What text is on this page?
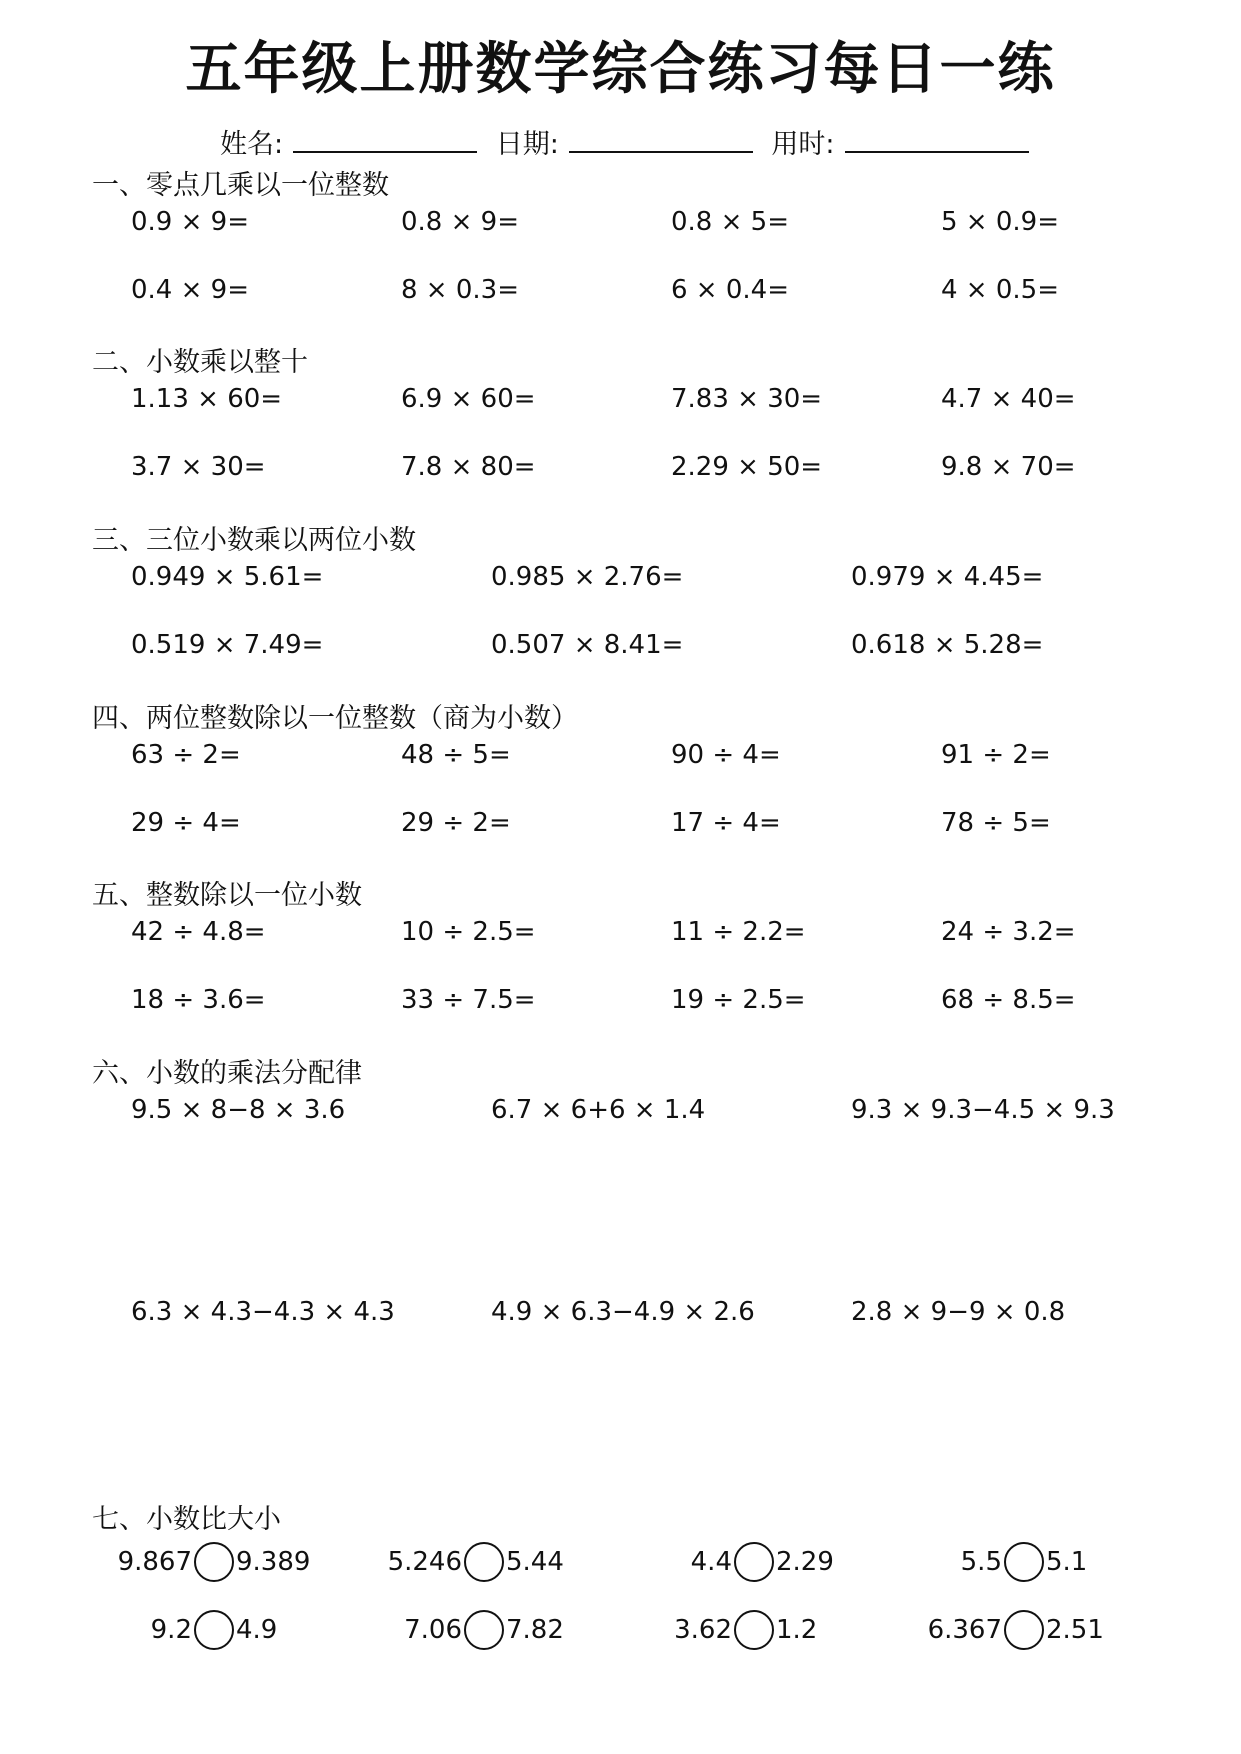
五年级上册数学综合练习每日一练
姓名:	日期:	用时:
一、零点几乘以一位整数
0.9 × 9=	0.8 × 9=	0.8 × 5=	5 × 0.9=
0.4 × 9=	8 × 0.3=	6 × 0.4=	4 × 0.5=
二、小数乘以整十
1.13 × 60=	6.9 × 60=	7.83 × 30=	4.7 × 40=
3.7 × 30=	7.8 × 80=	2.29 × 50=	9.8 × 70=
三、三位小数乘以两位小数
0.949 × 5.61=	0.985 × 2.76=	0.979 × 4.45=
0.519 × 7.49=	0.507 × 8.41=	0.618 × 5.28=
四、两位整数除以一位整数（商为小数）
63 ÷ 2=	48 ÷ 5=	90 ÷ 4=	91 ÷ 2=
29 ÷ 4=	29 ÷ 2=	17 ÷ 4=	78 ÷ 5=
五、整数除以一位小数
42 ÷ 4.8=	10 ÷ 2.5=	11 ÷ 2.2=	24 ÷ 3.2=
18 ÷ 3.6=	33 ÷ 7.5=	19 ÷ 2.5=	68 ÷ 8.5=
六、小数的乘法分配律
9.5 × 8−8 × 3.6	6.7 × 6+6 × 1.4	9.3 × 9.3−4.5 × 9.3
6.3 × 4.3−4.3 × 4.3	4.9 × 6.3−4.9 × 2.6	2.8 × 9−9 × 0.8
七、小数比大小
9.867 9.389	5.246 5.44	4.4 2.29	5.5 5.1
9.2 4.9	7.06 7.82	3.62 1.2	6.367 2.51
